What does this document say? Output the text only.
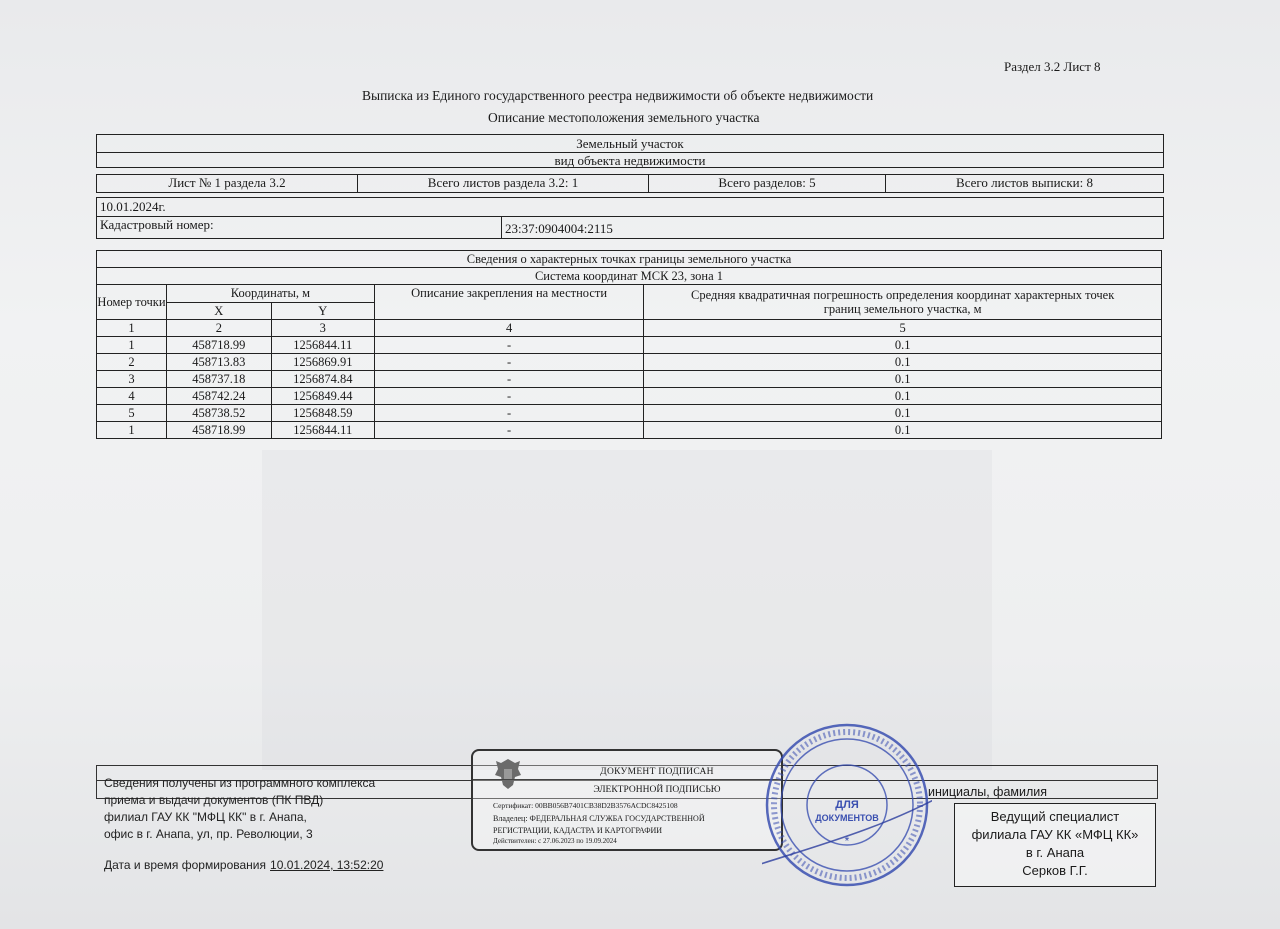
Раздел 3.2 Лист 8
Выписка из Единого государственного реестра недвижимости об объекте недвижимости
Описание местоположения земельного участка
Земельный участок
вид объекта недвижимости
Лист № 1 раздела 3.2	Всего листов раздела 3.2: 1	Всего разделов: 5	Всего листов выписки: 8
10.01.2024г.
Кадастровый номер:	23:37:0904004:2115
Сведения о характерных точках границы земельного участка				
Система координат МСК 23, зона 1				
Номер точки	Координаты, м		Описание закрепления на местности	Средняя квадратичная погрешность определения координат характерных точек границ земельного участка, м
	X	Y		
1	2	3	4	5
1	458718.99	1256844.11	-	0.1
2	458713.83	1256869.91	-	0.1
3	458737.18	1256874.84	-	0.1
4	458742.24	1256849.44	-	0.1
5	458738.52	1256848.59	-	0.1
1	458718.99	1256844.11	-	0.1
инициалы, фамилия
Сведения получены из программного комплекса
приема и выдачи документов (ПК ПВД)
филиал ГАУ КК "МФЦ КК" в г. Анапа,
офис в г. Анапа, ул, пр. Революции, 3
Дата и время формирования 10.01.2024, 13:52:20
ДОКУМЕНТ ПОДПИСАН
ЭЛЕКТРОННОЙ ПОДПИСЬЮ
Сертификат: 00BB056B7401CB38D2B3576ACDC8425108
Владелец: ФЕДЕРАЛЬНАЯ СЛУЖБА ГОСУДАРСТВЕННОЙ
РЕГИСТРАЦИИ, КАДАСТРА И КАРТОГРАФИИ
Действителен: с 27.06.2023 по 19.09.2024
ДЛЯ
ДОКУМЕНТОВ
*
Ведущий специалист
филиала ГАУ КК «МФЦ КК»
в г. Анапа
Серков Г.Г.
